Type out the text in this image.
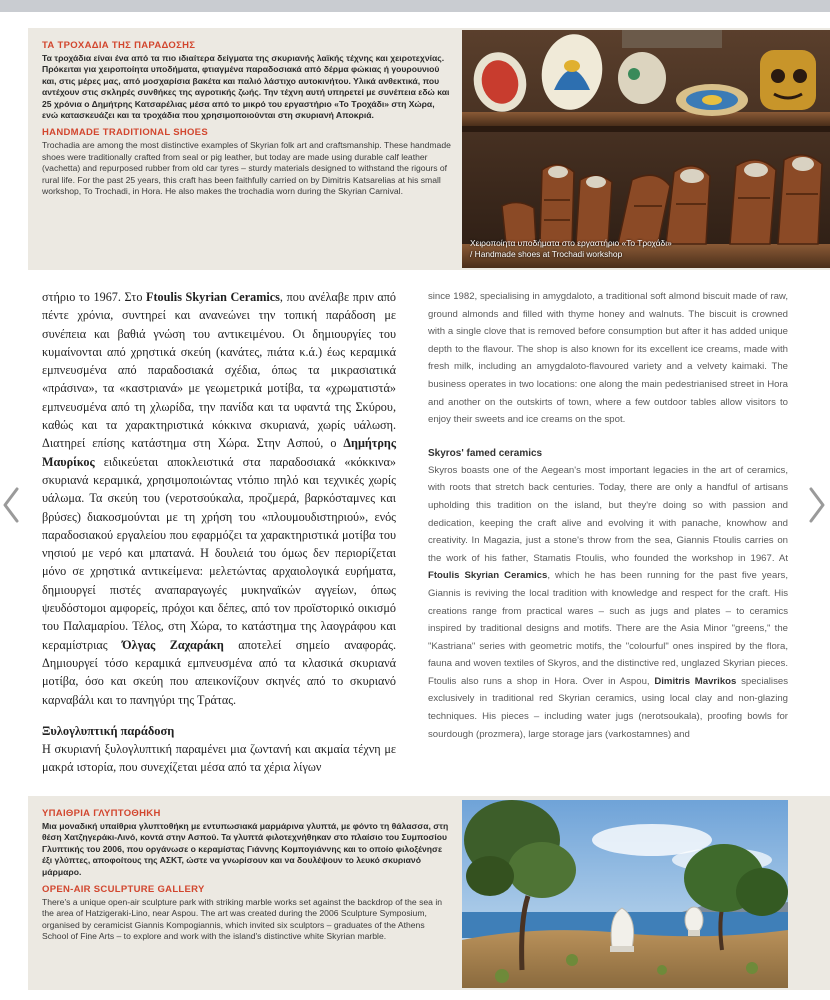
ΤΑ ΤΡΟΧΑΔΙΑ ΤΗΣ ΠΑΡΑΔΟΣΗΣ
Τα τροχάδια είναι ένα από τα πιο ιδιαίτερα δείγματα της σκυριανής λαϊκής τέχνης και χειροτεχνίας. Πρόκειται για χειροποίητα υποδήματα, φτιαγμένα παραδοσιακά από δέρμα φώκιας ή γουρουνιού και, στις μέρες μας, από μοσχαρίσια βακέτα και παλιό λάστιχο αυτοκινήτου. Υλικά ανθεκτικά, που αντέχουν στις σκληρές συνθήκες της αγροτικής ζωής. Την τέχνη αυτή υπηρετεί με συνέπεια εδώ και 25 χρόνια ο Δημήτρης Κατσαρέλιας μέσα από το μικρό του εργαστήριο «Το Τροχάδι» στη Χώρα, ενώ κατασκευάζει και τα τροχάδια που χρησιμοποιούνται στη σκυριανή Αποκριά.
HANDMADE TRADITIONAL SHOES
Trochadia are among the most distinctive examples of Skyrian folk art and craftsmanship. These handmade shoes were traditionally crafted from seal or pig leather, but today are made using durable calf leather (vachetta) and repurposed rubber from old car tyres – sturdy materials designed to withstand the rigours of rural life. For the past 25 years, this craft has been faithfully carried on by Dimitris Katsarelias at his small workshop, To Trochadi, in Hora. He also makes the trochadia worn during the Skyrian Carnival.
Χειροποίητα υποδήματα στο εργαστήριο «Το Τροχάδι»
/ Handmade shoes at Trochadi workshop

στήριο το 1967. Στο Ftoulis Skyrian Ceramics, που ανέλαβε πριν από πέντε χρόνια, συντηρεί και ανανεώνει την τοπική παράδοση με συνέπεια και βαθιά γνώση του αντικειμένου. Οι δημιουργίες του κυμαίνονται από χρηστικά σκεύη (κανάτες, πιάτα κ.ά.) έως κεραμικά εμπνευσμένα από παραδοσιακά σχέδια, όπως τα μικρασιατικά «πράσινα», τα «καστριανά» με γεωμετρικά μοτίβα, τα «χρωματιστά» εμπνευσμένα από τη χλωρίδα, την πανίδα και τα υφαντά της Σκύρου, καθώς και τα χαρακτηριστικά κόκκινα σκυριανά, χωρίς υάλωση. Διατηρεί επίσης κατάστημα στη Χώρα. Στην Ασπού, ο Δημήτρης Μαυρίκος ειδικεύεται αποκλειστικά στα παραδοσιακά «κόκκινα» σκυριανά κεραμικά, χρησιμοποιώντας ντόπιο πηλό και τεχνικές χωρίς υάλωμα. Τα σκεύη του (νεροτσούκαλα, προζμερά, βαρκόσταμνες και βρύσες) διακοσμούνται με τη χρήση του «πλουμουδιστηριού», ενός παραδοσιακού εργαλείου που εφαρμόζει τα χαρακτηριστικά μοτίβα του νησιού με νερό και μπατανά. Η δουλειά του όμως δεν περιορίζεται μόνο σε χρηστικά αντικείμενα: μελετώντας αρχαιολογικά ευρήματα, δημιουργεί πιστές αναπαραγωγές μυκηναϊκών αγγείων, όπως ψευδόστομοι αμφορείς, πρόχοι και δέπες, από τον προϊστορικό οικισμό του Παλαμαρίου. Τέλος, στη Χώρα, το κατάστημα της λαογράφου και κεραμίστριας Όλγας Ζαχαράκη αποτελεί σημείο αναφοράς. Δημιουργεί τόσο κεραμικά εμπνευσμένα από τα κλασικά σκυριανά μοτίβα, όσο και σκεύη που απεικονίζουν σκηνές από το σκυριανό καρναβάλι και το πανηγύρι της Τράτας.

Ξυλογλυπτική παράδοση

Η σκυριανή ξυλογλυπτική παραμένει μια ζωντανή και ακμαία τέχνη με μακρά ιστορία, που συνεχίζεται μέσα από τα χέρια λίγων

since 1982, specialising in amygdaloto, a traditional soft almond biscuit made of raw, ground almonds and filled with thyme honey and walnuts. The biscuit is crowned with a single clove that is removed before consumption but after it has added unique depth to the flavour. The shop is also known for its excellent ice creams, made with fresh milk, including an amygdaloto-flavoured variety and a velvety kaimaki. The business operates in two locations: one along the main pedestrianised street in Hora and another on the outskirts of town, where a few outdoor tables allow visitors to enjoy their sweets and ice creams on the spot.

Skyros' famed ceramics

Skyros boasts one of the Aegean's most important legacies in the art of ceramics, with roots that stretch back centuries. Today, there are only a handful of artisans upholding this tradition on the island, but they're doing so with passion and dedication, keeping the craft alive and evolving it with panache, knowhow and creativity. In Magazia, just a stone's throw from the sea, Giannis Ftoulis carries on the work of his father, Stamatis Ftoulis, who founded the workshop in 1967. At Ftoulis Skyrian Ceramics, which he has been running for the past five years, Giannis is reviving the local tradition with knowledge and respect for the craft. His creations range from practical wares – such as jugs and plates – to ceramics inspired by traditional designs and motifs. There are the Asia Minor "greens," the "Kastriana" series with geometric motifs, the "colourful" ones inspired by the flora, fauna and woven textiles of Skyros, and the distinctive red, unglazed Skyrian pieces. Ftoulis also runs a shop in Hora. Over in Aspou, Dimitris Mavrikos specialises exclusively in traditional red Skyrian ceramics, using local clay and non-glazing techniques. His pieces – including water jugs (nerotsoukala), proofing bowls for sourdough (prozmera), large storage jars (varkostamnes) and

ΥΠΑΙΘΡΙΑ ΓΛΥΠΤΟΘΗΚΗ
Μια μοναδική υπαίθρια γλυπτοθήκη με εντυπωσιακά μαρμάρινα γλυπτά, με φόντο τη θάλασσα, στη θέση Χατζηγεράκι-Λινό, κοντά στην Ασπού. Τα γλυπτά φιλοτεχνήθηκαν στο πλαίσιο του Συμποσίου Γλυπτικής του 2006, που οργάνωσε ο κεραμίστας Γιάννης Κομπογιάννης και το οποίο φιλοξένησε έξι γλύπτες, αποφοίτους της ΑΣΚΤ, ώστε να γνωρίσουν και να δουλέψουν το λευκό σκυριανό μάρμαρο.
OPEN-AIR SCULPTURE GALLERY
There's a unique open-air sculpture park with striking marble works set against the backdrop of the sea in the area of Hatzigeraki-Lino, near Aspou. The art was created during the 2006 Sculpture Symposium, organised by ceramicist Giannis Kompogiannis, which invited six sculptors – graduates of the Athens School of Fine Arts – to explore and work with the island's distinctive white Skyrian marble.
